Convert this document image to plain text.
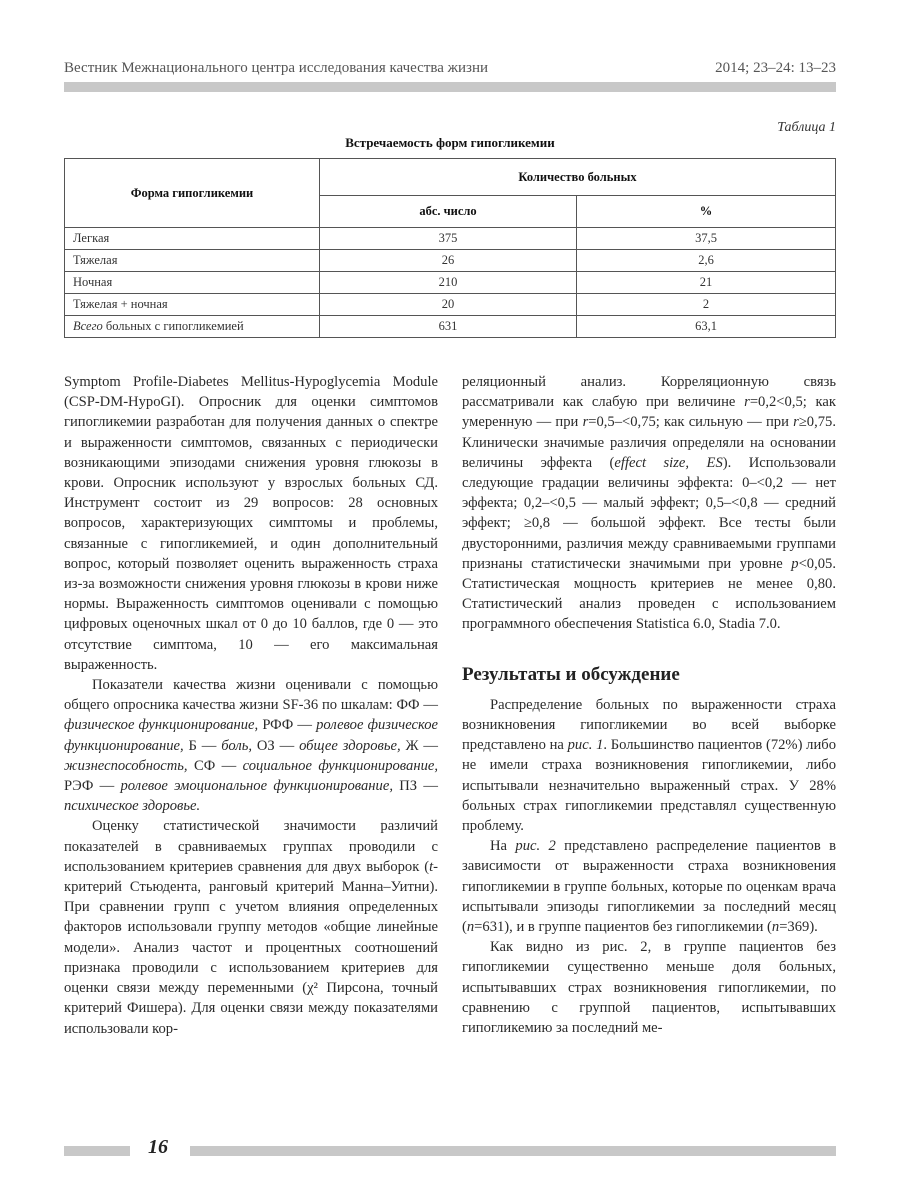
Вестник Межнационального центра исследования качества жизни	2014; 23–24: 13–23
Таблица 1
Встречаемость форм гипогликемии
Форма гипогликемии	Количество больных	
	абс. число	%
Легкая	375	37,5
Тяжелая	26	2,6
Ночная	210	21
Тяжелая + ночная	20	2
Всего больных с гипогликемией	631	63,1

Symptom Profile-Diabetes Mellitus-Hypoglycemia Module (CSP-DM-HypoGI). Опросник для оценки симптомов гипогликемии разработан для получения данных о спектре и выраженности симптомов, связанных с периодически возникающими эпизодами снижения уровня глюкозы в крови. Опросник используют у взрослых больных СД. Инструмент состоит из 29 вопросов: 28 основных вопросов, характеризующих симптомы и проблемы, связанные с гипогликемией, и один дополнительный вопрос, который позволяет оценить выраженность страха из-за возможности снижения уровня глюкозы в крови ниже нормы. Выраженность симптомов оценивали с помощью цифровых оценочных шкал от 0 до 10 баллов, где 0 — это отсутствие симптома, 10 — его максимальная выраженность.

Показатели качества жизни оценивали с помощью общего опросника качества жизни SF-36 по шкалам: ФФ — физическое функционирование, РФФ — ролевое физическое функционирование, Б — боль, ОЗ — общее здоровье, Ж — жизнеспособность, СФ — социальное функционирование, РЭФ — ролевое эмоциональное функционирование, ПЗ — психическое здоровье.

Оценку статистической значимости различий показателей в сравниваемых группах проводили с использованием критериев сравнения для двух выборок (t-критерий Стьюдента, ранговый критерий Манна–Уитни). При сравнении групп с учетом влияния определенных факторов использовали группу методов «общие линейные модели». Анализ частот и процентных соотношений признака проводили с использованием критериев для оценки связи между переменными (χ² Пирсона, точный критерий Фишера). Для оценки связи между показателями использовали кор-

реляционный анализ. Корреляционную связь рассматривали как слабую при величине r=0,2<0,5; как умеренную — при r=0,5–<0,75; как сильную — при r≥0,75. Клинически значимые различия определяли на основании величины эффекта (effect size, ES). Использовали следующие градации величины эффекта: 0–<0,2 — нет эффекта; 0,2–<0,5 — малый эффект; 0,5–<0,8 — средний эффект; ≥0,8 — большой эффект. Все тесты были двусторонними, различия между сравниваемыми группами признаны статистически значимыми при уровне p<0,05. Статистическая мощность критериев не менее 0,80. Статистический анализ проведен с использованием программного обеспечения Statistica 6.0, Stadia 7.0.

Результаты и обсуждение

Распределение больных по выраженности страха возникновения гипогликемии во всей выборке представлено на рис. 1. Большинство пациентов (72%) либо не имели страха возникновения гипогликемии, либо испытывали незначительно выраженный страх. У 28% больных страх гипогликемии представлял существенную проблему.

На рис. 2 представлено распределение пациентов в зависимости от выраженности страха возникновения гипогликемии в группе больных, которые по оценкам врача испытывали эпизоды гипогликемии за последний месяц (n=631), и в группе пациентов без гипогликемии (n=369).

Как видно из рис. 2, в группе пациентов без гипогликемии существенно меньше доля больных, испытывавших страх возникновения гипогликемии, по сравнению с группой пациентов, испытывавших гипогликемию за последний ме-

16
